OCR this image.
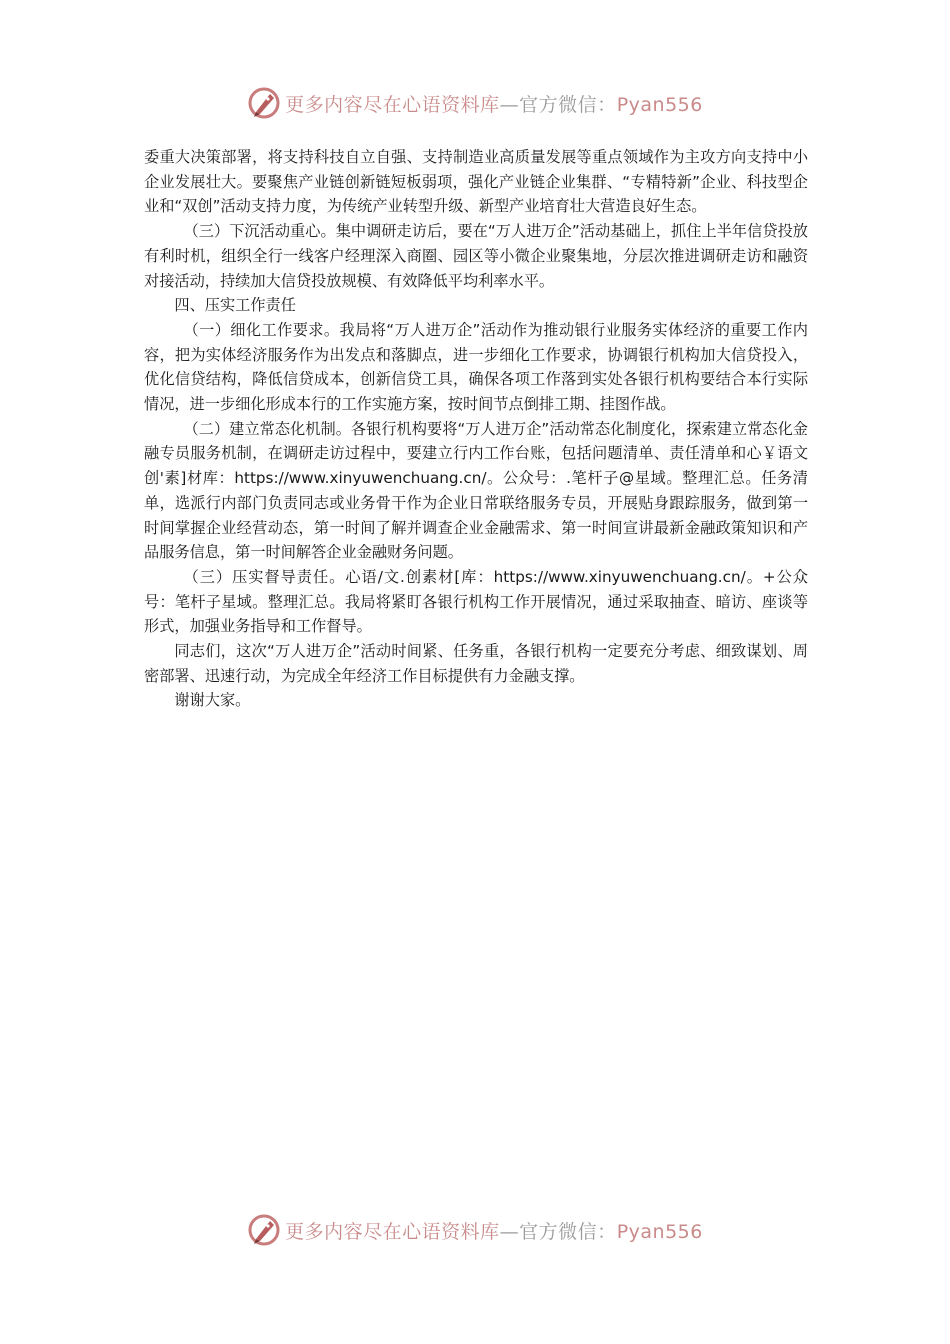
更多内容尽在心语资料库—官方微信：Pyan556

委重大决策部署，将支持科技自立自强、支持制造业高质量发展等重点领域作为主攻方向支持中小企业发展壮大。要聚焦产业链创新链短板弱项，强化产业链企业集群、“专精特新”企业、科技型企业和“双创”活动支持力度，为传统产业转型升级、新型产业培育壮大营造良好生态。

（三）下沉活动重心。集中调研走访后，要在“万人进万企”活动基础上，抓住上半年信贷投放有利时机，组织全行一线客户经理深入商圈、园区等小微企业聚集地，分层次推进调研走访和融资对接活动，持续加大信贷投放规模、有效降低平均利率水平。

四、压实工作责任

（一）细化工作要求。我局将“万人进万企”活动作为推动银行业服务实体经济的重要工作内容，把为实体经济服务作为出发点和落脚点，进一步细化工作要求，协调银行机构加大信贷投入，优化信贷结构，降低信贷成本，创新信贷工具，确保各项工作落到实处各银行机构要结合本行实际情况，进一步细化形成本行的工作实施方案，按时间节点倒排工期、挂图作战。

（二）建立常态化机制。各银行机构要将“万人进万企”活动常态化制度化，探索建立常态化金融专员服务机制，在调研走访过程中，要建立行内工作台账，包括问题清单、责任清单和心￥语文创'素]材库：https://www.xinyuwenchuang.cn/。公众号：.笔杆子@星域。整理汇总。任务清单，选派行内部门负责同志或业务骨干作为企业日常联络服务专员，开展贴身跟踪服务，做到第一时间掌握企业经营动态，第一时间了解并调查企业金融需求、第一时间宣讲最新金融政策知识和产品服务信息，第一时间解答企业金融财务问题。

（三）压实督导责任。心语/文.创素材[库：https://www.xinyuwenchuang.cn/。+公众号：笔杆子星域。整理汇总。我局将紧盯各银行机构工作开展情况，通过采取抽查、暗访、座谈等形式，加强业务指导和工作督导。

同志们，这次“万人进万企”活动时间紧、任务重，各银行机构一定要充分考虑、细致谋划、周密部署、迅速行动，为完成全年经济工作目标提供有力金融支撑。

谢谢大家。

更多内容尽在心语资料库—官方微信：Pyan556
